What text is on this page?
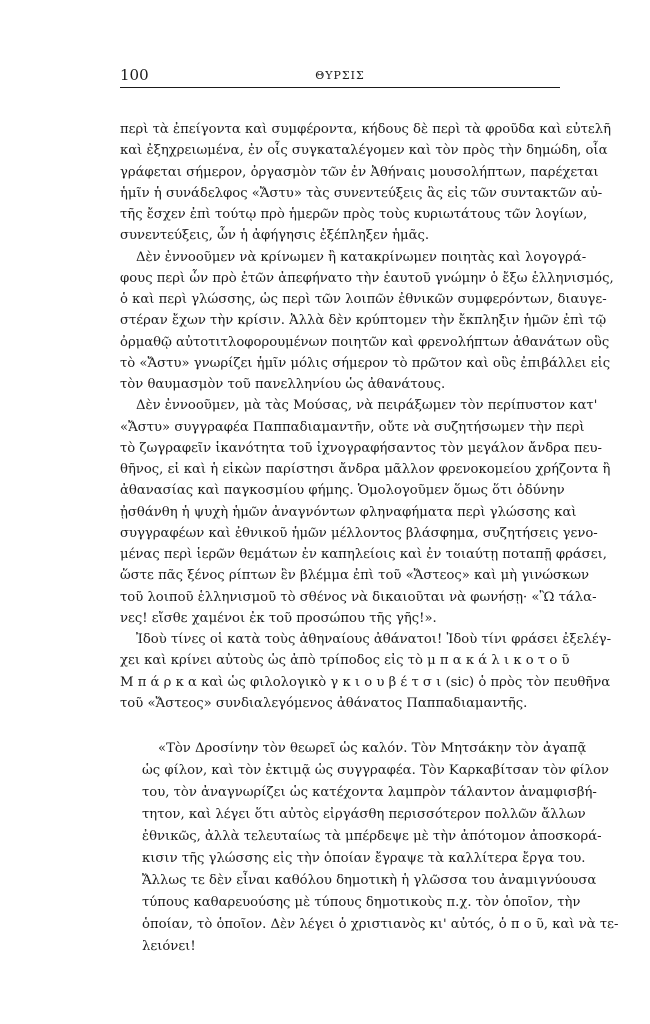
100	ΘΥΡΣΙΣ
περὶ τὰ ἐπείγοντα καὶ συμφέροντα, κήδους δὲ περὶ τὰ φροῦδα καὶ εὐτελῆ
καὶ ἐξηχρειωμένα, ἐν οἷς συγκαταλέγομεν καὶ τὸν πρὸς τὴν δημώδη, οἷα
γράφεται σήμερον, ὀργασμὸν τῶν ἐν Ἀθήναις μουσολήπτων, παρέχεται
ἡμῖν ἡ συνάδελφος «Ἄστυ» τὰς συνεντεύξεις ἃς εἰς τῶν συντακτῶν αὐ-
τῆς ἔσχεν ἐπὶ τούτῳ πρὸ ἡμερῶν πρὸς τοὺς κυριωτάτους τῶν λογίων,
συνεντεύξεις, ὧν ἡ ἀφήγησις ἐξέπληξεν ἡμᾶς.
Δὲν ἐννοοῦμεν νὰ κρίνωμεν ἢ κατακρίνωμεν ποιητὰς καὶ λογογρά-
φους περὶ ὧν πρὸ ἐτῶν ἀπεφήνατο τὴν ἑαυτοῦ γνώμην ὁ ἔξω ἑλληνισμός,
ὁ καὶ περὶ γλώσσης, ὡς περὶ τῶν λοιπῶν ἐθνικῶν συμφερόντων, διαυγε-
στέραν ἔχων τὴν κρίσιν. Ἀλλὰ δὲν κρύπτομεν τὴν ἔκπληξιν ἡμῶν ἐπὶ τῷ
ὀρμαθῷ αὐτοτιτλοφορουμένων ποιητῶν καὶ φρενολήπτων ἀθανάτων οὓς
τὸ «Ἄστυ» γνωρίζει ἡμῖν μόλις σήμερον τὸ πρῶτον καὶ οὓς ἐπιβάλλει εἰς
τὸν θαυμασμὸν τοῦ πανελληνίου ὡς ἀθανάτους.
Δὲν ἐννοοῦμεν, μὰ τὰς Μούσας, νὰ πειράξωμεν τὸν περίπυστον κατ'
«Ἄστυ» συγγραφέα Παππαδιαμαντῆν, οὔτε νὰ συζητήσωμεν τὴν περὶ
τὸ ζωγραφεῖν ἱκανότητα τοῦ ἰχνογραφήσαντος τὸν μεγάλον ἄνδρα πευ-
θῆνος, εἰ καὶ ἡ εἰκὼν παρίστησι ἄνδρα μᾶλλον φρενοκομείου χρήζοντα ἢ
ἀθανασίας καὶ παγκοσμίου φήμης. Ὁμολογοῦμεν ὅμως ὅτι ὀδύνην
ᾐσθάνθη ἡ ψυχὴ ἡμῶν ἀναγνόντων φληναφήματα περὶ γλώσσης καὶ
συγγραφέων καὶ ἐθνικοῦ ἡμῶν μέλλοντος βλάσφημα, συζητήσεις γενο-
μένας περὶ ἱερῶν θεμάτων ἐν καπηλείοις καὶ ἐν τοιαύτῃ ποταπῇ φράσει,
ὥστε πᾶς ξένος ρίπτων ἓν βλέμμα ἐπὶ τοῦ «Ἄστεος» καὶ μὴ γινώσκων
τοῦ λοιποῦ ἑλληνισμοῦ τὸ σθένος νὰ δικαιοῦται νὰ φωνήσῃ· «Ὢ τάλα-
νες! εἴσθε χαμένοι ἐκ τοῦ προσώπου τῆς γῆς!».
Ἰδοὺ τίνες οἱ κατὰ τοὺς ἀθηναίους ἀθάνατοι! Ἰδοὺ τίνι φράσει ἐξελέγ-
χει καὶ κρίνει αὐτοὺς ὡς ἀπὸ τρίποδος εἰς τὸ μ π α κ ά λ ι κ ο τ ο ῦ
Μ π ά ρ κ α καὶ ὡς φιλολογικὸ γ κ ι ο υ β έ τ σ ι (sic) ὁ πρὸς τὸν πευθῆνα
τοῦ «Ἄστεος» συνδιαλεγόμενος ἀθάνατος Παππαδιαμαντῆς.
«Τὸν Δροσίνην τὸν θεωρεῖ ὡς καλόν. Τὸν Μητσάκην τὸν ἀγαπᾷ
ὡς φίλον, καὶ τὸν ἐκτιμᾷ ὡς συγγραφέα. Τὸν Καρκαβίτσαν τὸν φίλον
του, τὸν ἀναγνωρίζει ὡς κατέχοντα λαμπρὸν τάλαντον ἀναμφισβή-
τητον, καὶ λέγει ὅτι αὐτὸς εἰργάσθη περισσότερον πολλῶν ἄλλων
ἐθνικῶς, ἀλλὰ τελευταίως τὰ μπέρδεψε μὲ τὴν ἀπότομον ἀποσκορά-
κισιν τῆς γλώσσης εἰς τὴν ὁποίαν ἔγραψε τὰ καλλίτερα ἔργα του.
Ἄλλως τε δὲν εἶναι καθόλου δημοτικὴ ἡ γλῶσσα του ἀναμιγνύουσα
τύπους καθαρευούσης μὲ τύπους δημοτικοὺς π.χ. τὸν ὁποῖον, τὴν
ὁποίαν, τὸ ὁποῖον. Δὲν λέγει ὁ χριστιανὸς κι' αὐτός, ὁ π ο ῦ, καὶ νὰ τε-
λειόνει!
